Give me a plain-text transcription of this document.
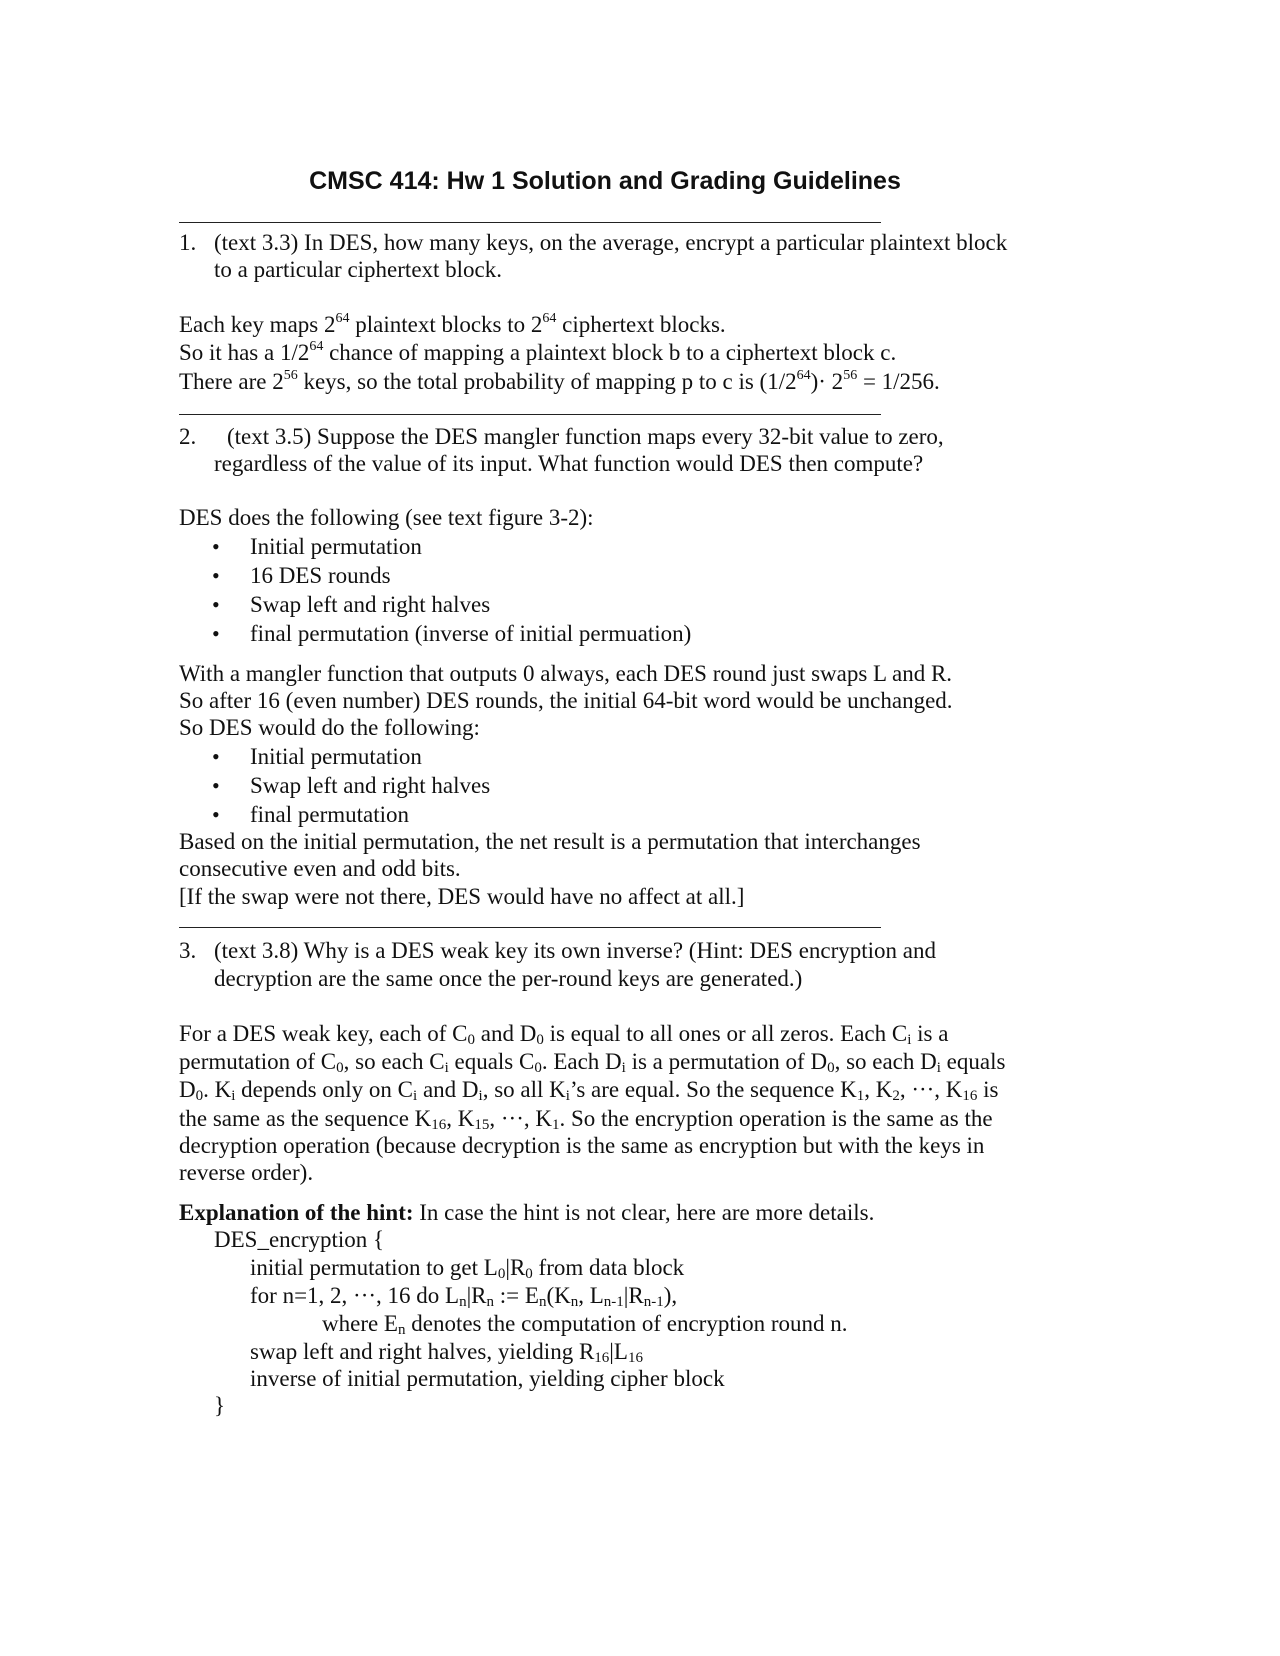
CMSC 414: Hw 1 Solution and Grading Guidelines
1. (text 3.3) In DES, how many keys, on the average, encrypt a particular plaintext block
to a particular ciphertext block.
Each key maps $2^{64}$ plaintext blocks to $2^{64}$ ciphertext blocks.
So it has a $1/2^{64}$ chance of mapping a plaintext block b to a ciphertext block c.
There are $2^{56}$ keys, so the total probability of mapping p to c is $(1/2^{64})\cdot 2^{56} = 1/256$.
2. (text 3.5) Suppose the DES mangler function maps every 32-bit value to zero,
regardless of the value of its input. What function would DES then compute?
DES does the following (see text figure 3-2):
• Initial permutation
• 16 DES rounds
• Swap left and right halves
• final permutation (inverse of initial permuation)
With a mangler function that outputs 0 always, each DES round just swaps L and R.
So after 16 (even number) DES rounds, the initial 64-bit word would be unchanged.
So DES would do the following:
• Initial permutation
• Swap left and right halves
• final permutation
Based on the initial permutation, the net result is a permutation that interchanges
consecutive even and odd bits.
[If the swap were not there, DES would have no affect at all.]
3. (text 3.8) Why is a DES weak key its own inverse? (Hint: DES encryption and
decryption are the same once the per-round keys are generated.)
For a DES weak key, each of $C_0$ and $D_0$ is equal to all ones or all zeros. Each $C_i$ is a
permutation of $C_0$, so each $C_i$ equals $C_0$. Each $D_i$ is a permutation of $D_0$, so each $D_i$ equals
$D_0$. $K_i$ depends only on $C_i$ and $D_i$, so all $K_i’s$ are equal. So the sequence $K_1$, $K_2$, ···, $K_{16}$ is
the same as the sequence $K_{16}$, $K_{15}$, ···, $K_1$. So the encryption operation is the same as the
decryption operation (because decryption is the same as encryption but with the keys in
reverse order).
Explanation of the hint: In case the hint is not clear, here are more details.
DES_encryption {
initial permutation to get $L_0|R_0$ from data block
for n=1, 2, ···, 16 do $L_n|R_n$ := $E_n(K_n$, $L_{n-1}|R_{n-1}$),
where $E_n$ denotes the computation of encryption round n.
swap left and right halves, yielding $R_{16}|L_{16}$
inverse of initial permutation, yielding cipher block
}
